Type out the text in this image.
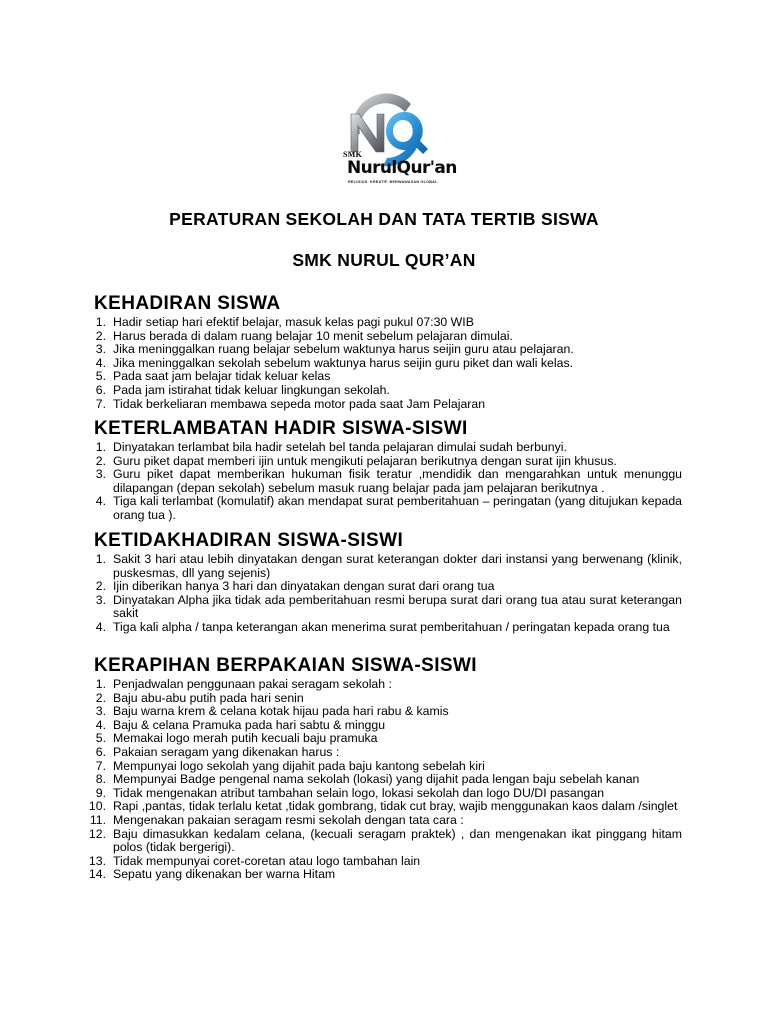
SMK
NurulQur'an
RELIGIUS. KREATIF. BERWAWASAN GLOBAL
PERATURAN SEKOLAH DAN TATA TERTIB SISWA
SMK NURUL QUR’AN
KEHADIRAN SISWA
1. Hadir setiap hari efektif belajar, masuk kelas pagi pukul 07:30 WIB
2. Harus berada di dalam ruang belajar 10 menit sebelum pelajaran dimulai.
3. Jika meninggalkan ruang belajar sebelum waktunya harus seijin guru atau pelajaran.
4. Jika meninggalkan sekolah sebelum waktunya harus seijin guru piket dan wali kelas.
5. Pada saat jam belajar tidak keluar kelas
6. Pada jam istirahat tidak keluar lingkungan sekolah.
7. Tidak berkeliaran membawa sepeda motor pada saat Jam Pelajaran
KETERLAMBATAN HADIR SISWA-SISWI
1. Dinyatakan terlambat bila hadir setelah bel tanda pelajaran dimulai sudah berbunyi.
2. Guru piket dapat memberi ijin untuk mengikuti pelajaran berikutnya dengan surat ijin khusus.
3. Guru piket dapat memberikan hukuman fisik teratur ,mendidik dan mengarahkan untuk menunggu dilapangan (depan sekolah) sebelum masuk ruang belajar pada jam pelajaran berikutnya .
4. Tiga kali terlambat (komulatif) akan mendapat surat pemberitahuan – peringatan (yang ditujukan kepada orang tua ).
KETIDAKHADIRAN SISWA-SISWI
1. Sakit 3 hari atau lebih dinyatakan dengan surat keterangan dokter dari instansi yang berwenang (klinik, puskesmas, dll yang sejenis)
2. Ijin diberikan hanya 3 hari dan dinyatakan dengan surat dari orang tua
3. Dinyatakan Alpha jika tidak ada pemberitahuan resmi berupa surat dari orang tua atau surat keterangan sakit
4. Tiga kali alpha / tanpa keterangan akan menerima surat pemberitahuan / peringatan kepada orang tua
KERAPIHAN BERPAKAIAN SISWA-SISWI
1. Penjadwalan penggunaan pakai seragam sekolah :
2. Baju abu-abu putih pada hari senin
3. Baju warna krem & celana kotak hijau pada hari rabu & kamis
4. Baju & celana Pramuka pada hari sabtu & minggu
5. Memakai logo merah putih kecuali baju pramuka
6. Pakaian seragam yang dikenakan harus :
7. Mempunyai logo sekolah yang dijahit pada baju kantong sebelah kiri
8. Mempunyai Badge pengenal nama sekolah (lokasi) yang dijahit pada lengan baju sebelah kanan
9. Tidak mengenakan atribut tambahan selain logo, lokasi sekolah dan logo DU/DI pasangan
10. Rapi ,pantas, tidak terlalu ketat ,tidak gombrang, tidak cut bray, wajib menggunakan kaos dalam /singlet
11. Mengenakan pakaian seragam resmi sekolah dengan tata cara :
12. Baju dimasukkan kedalam celana, (kecuali seragam praktek) , dan mengenakan ikat pinggang hitam polos (tidak bergerigi).
13. Tidak mempunyai coret-coretan atau logo tambahan lain
14. Sepatu yang dikenakan ber warna Hitam
